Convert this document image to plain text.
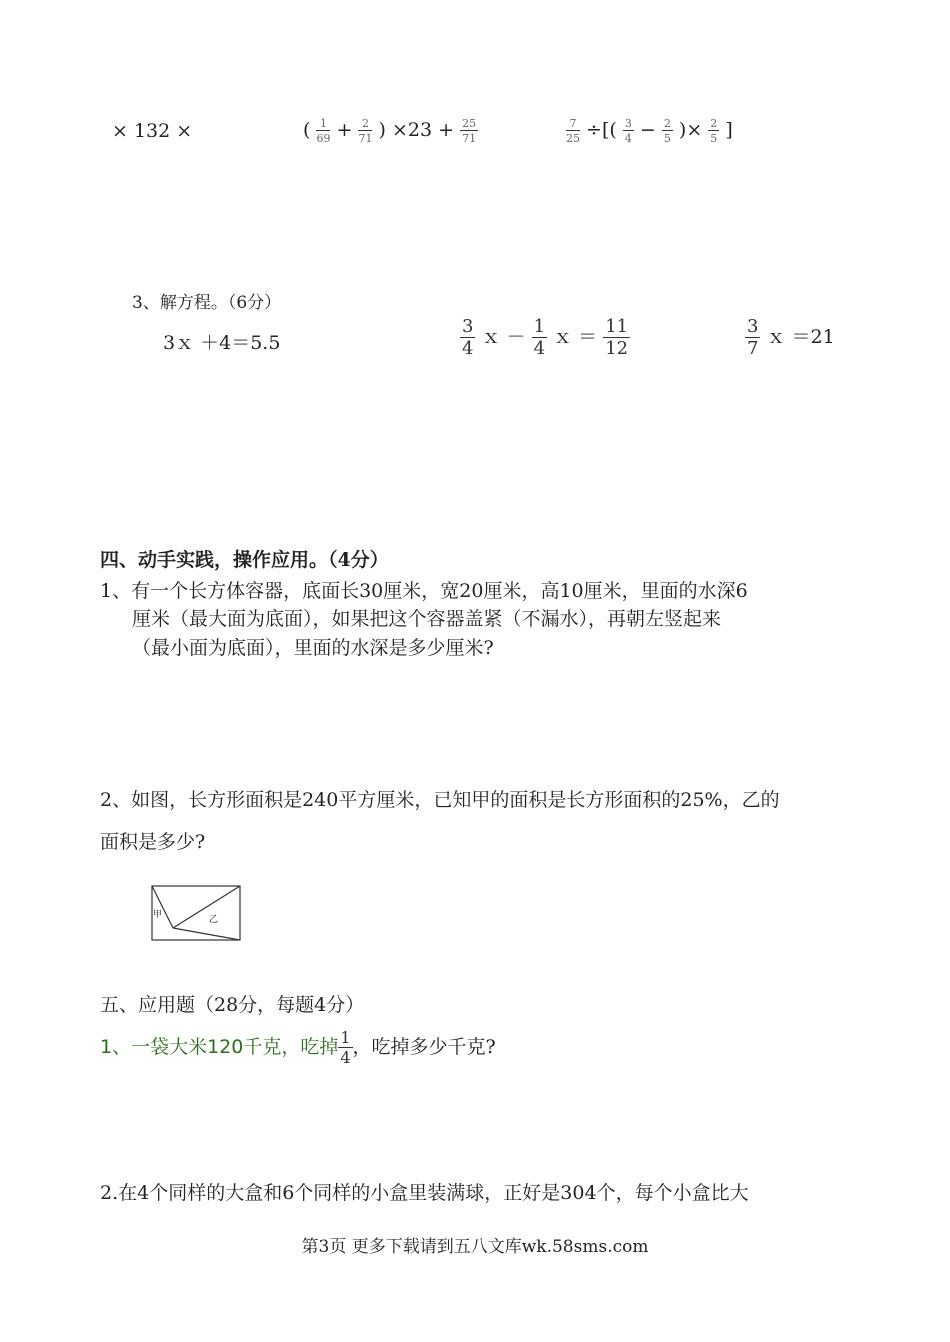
× 132 ×	( $\frac{1}{69} + \frac{2}{71}$ ) $\times 23 + \frac{25}{71}$	$\frac{7}{25}$ ÷[( $\frac{3}{4} - \frac{2}{5}$ )× $\frac{2}{5}$ ]
3、解方程。（6分）
3ｘ ＋4＝5.5	$\frac{3}{4}$ ｘ － $\frac{1}{4}$ ｘ ＝ $\frac{11}{12}$	$\frac{3}{7}$ ｘ ＝21
四、动手实践，操作应用。（4分）
1、有一个长方体容器，底面长30厘米，宽20厘米，高10厘米，里面的水深6
厘米（最大面为底面），如果把这个容器盖紧（不漏水），再朝左竖起来
（最小面为底面），里面的水深是多少厘米?
2、如图，长方形面积是240平方厘米，已知甲的面积是长方形面积的25%，乙的
面积是多少?
甲	乙
五、应用题（28分，每题4分）
1、一袋大米120千克，吃掉 $\frac{1}{4}$ ，吃掉多少千克?
2.在4个同样的大盒和6个同样的小盒里装满球，正好是304个，每个小盒比大
第3页 更多下载请到五八文库wk.58sms.com
